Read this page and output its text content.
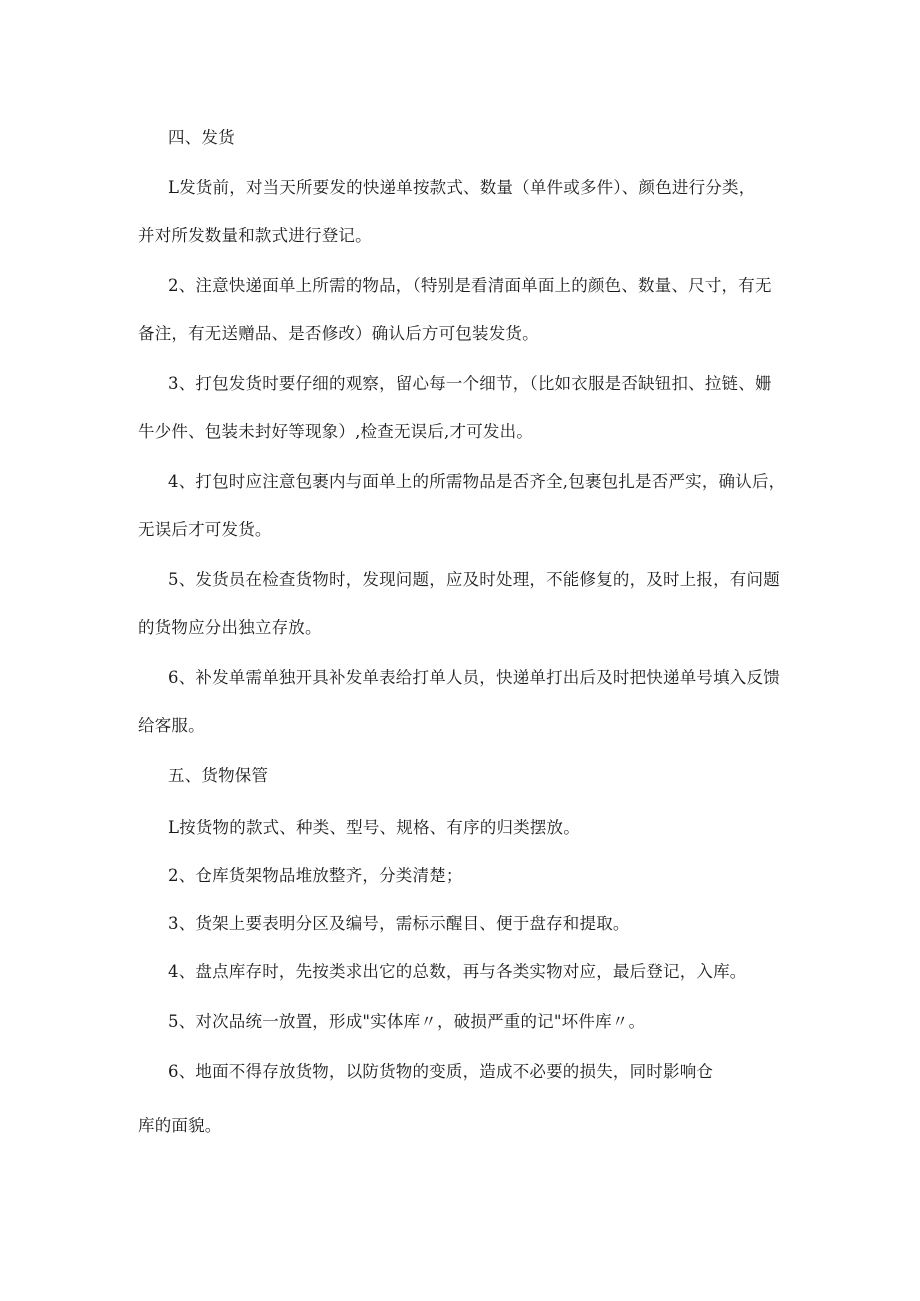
四、发货
L发货前，对当天所要发的快递单按款式、数量（单件或多件）、颜色进行分类，
并对所发数量和款式进行登记。
2、注意快递面单上所需的物品，（特别是看清面单面上的颜色、数量、尺寸，有无
备注，有无送赠品、是否修改）确认后方可包装发货。
3、打包发货时要仔细的观察，留心每一个细节，（比如衣服是否缺钮扣、拉链、姗
牛少件、包装未封好等现象）,检查无误后,才可发出。
4、打包时应注意包裹内与面单上的所需物品是否齐全,包裹包扎是否严实，确认后，
无误后才可发货。
5、发货员在检查货物时，发现问题，应及时处理，不能修复的，及时上报，有问题
的货物应分出独立存放。
6、补发单需单独开具补发单表给打单人员，快递单打出后及时把快递单号填入反馈
给客服。
五、货物保管
L按货物的款式、种类、型号、规格、有序的归类摆放。
2、仓库货架物品堆放整齐，分类清楚；
3、货架上要表明分区及编号，需标示醒目、便于盘存和提取。
4、盘点库存时，先按类求出它的总数，再与各类实物对应，最后登记，入库。
5、对次品统一放置，形成"实体库〃，破损严重的记"坏件库〃。
6、地面不得存放货物，以防货物的变质，造成不必要的损失，同时影响仓
库的面貌。
